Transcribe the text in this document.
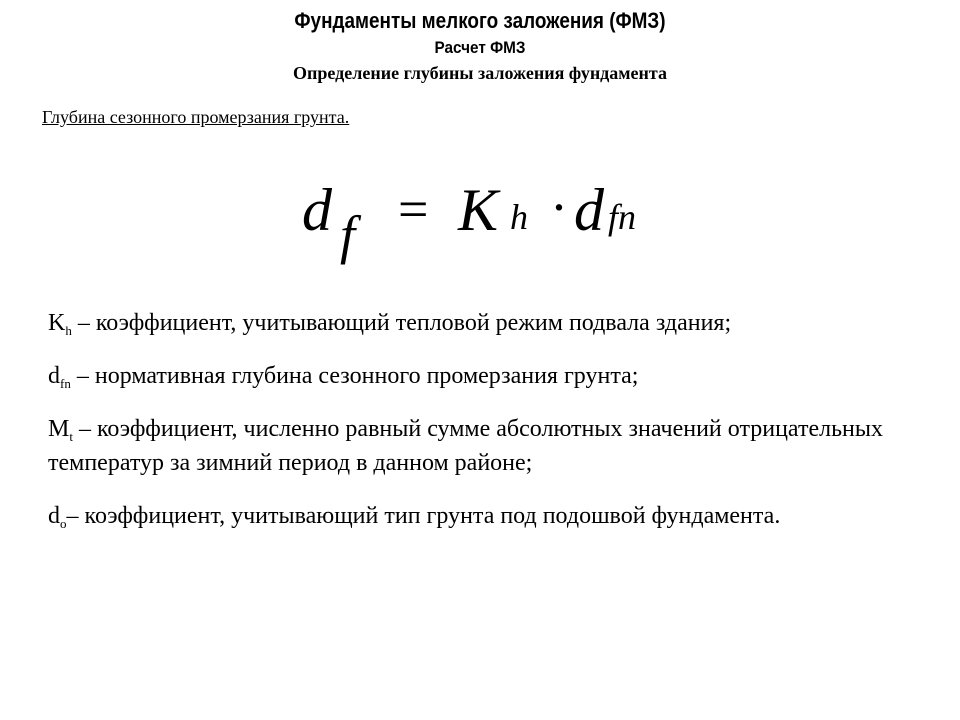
Фундаменты мелкого заложения (ФМЗ)
Расчет ФМЗ
Определение глубины заложения фундамента
Глубина сезонного промерзания грунта.
d f = K h · d fn

$K_h$ – коэффициент, учитывающий тепловой режим подвала здания;

$d_{fn}$ – нормативная глубина сезонного промерзания грунта;

$M_t$ – коэффициент, численно равный сумме абсолютных значений отрицательных температур за зимний период в данном районе;

$d_o-$ коэффициент, учитывающий тип грунта под подошвой фундамента.
